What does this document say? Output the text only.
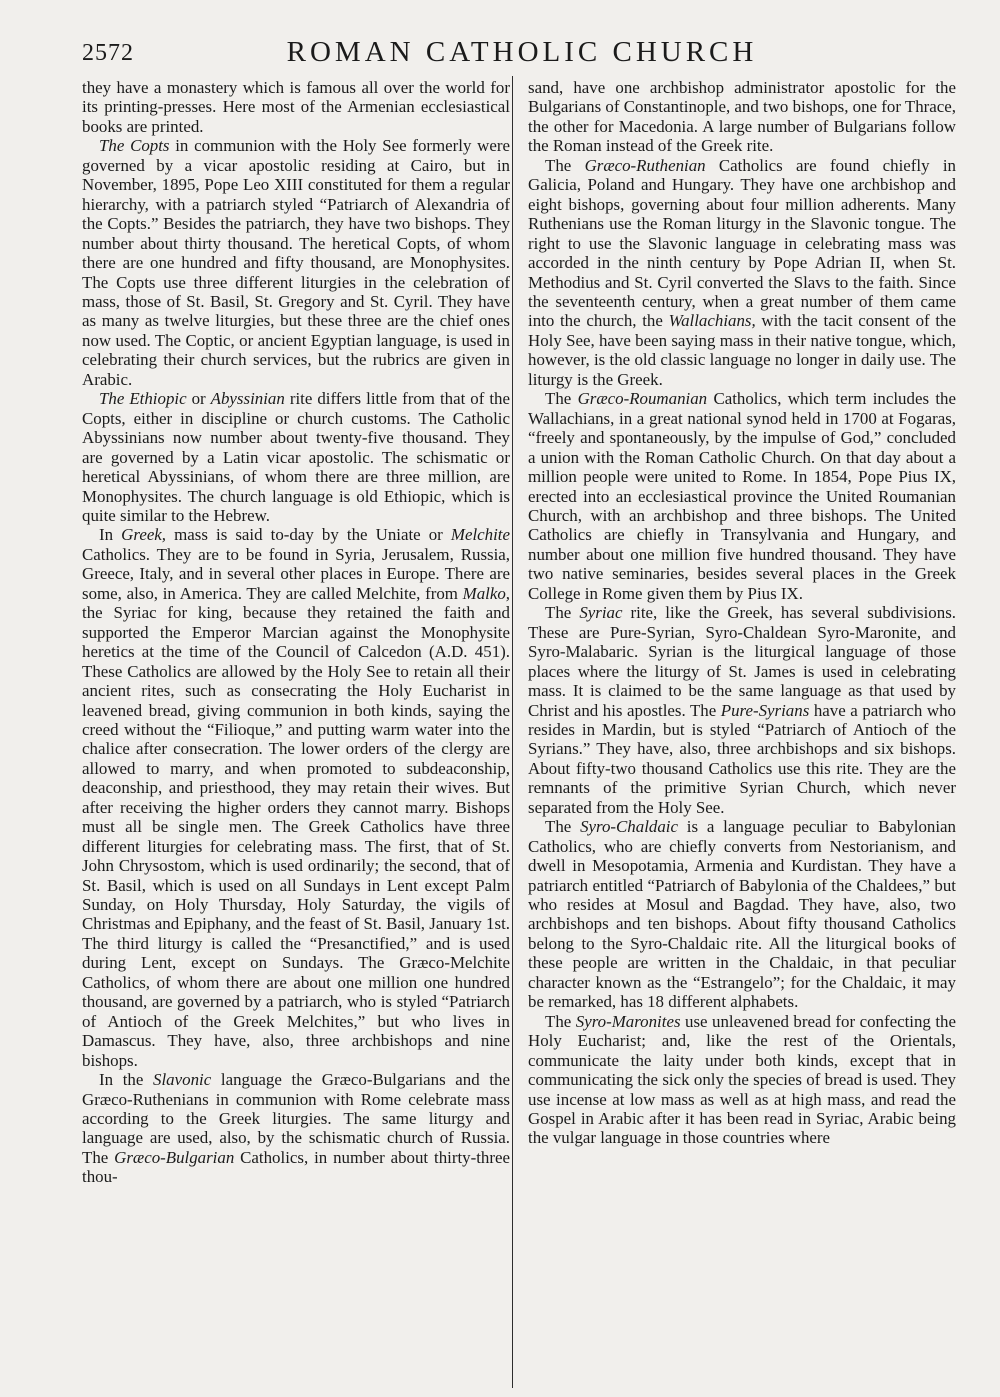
2572	ROMAN CATHOLIC CHURCH

they have a monastery which is famous all over the world for its printing-presses. Here most of the Armenian ecclesiastical books are printed.

The Copts in communion with the Holy See formerly were governed by a vicar apostolic residing at Cairo, but in November, 1895, Pope Leo XIII constituted for them a regular hierarchy, with a patriarch styled “Patriarch of Alexandria of the Copts.” Besides the patriarch, they have two bishops. They number about thirty thousand. The heretical Copts, of whom there are one hundred and fifty thousand, are Monophysites. The Copts use three different liturgies in the celebration of mass, those of St. Basil, St. Gregory and St. Cyril. They have as many as twelve liturgies, but these three are the chief ones now used. The Coptic, or ancient Egyptian language, is used in celebrating their church services, but the rubrics are given in Arabic.

The Ethiopic or Abyssinian rite differs little from that of the Copts, either in discipline or church customs. The Catholic Abyssinians now number about twenty-five thousand. They are governed by a Latin vicar apostolic. The schismatic or heretical Abyssinians, of whom there are three million, are Monophysites. The church language is old Ethiopic, which is quite similar to the Hebrew.

In Greek, mass is said to-day by the Uniate or Melchite Catholics. They are to be found in Syria, Jerusalem, Russia, Greece, Italy, and in several other places in Europe. There are some, also, in America. They are called Melchite, from Malko, the Syriac for king, because they retained the faith and supported the Emperor Marcian against the Monophysite heretics at the time of the Council of Calcedon (A.D. 451). These Catholics are allowed by the Holy See to retain all their ancient rites, such as consecrating the Holy Eucharist in leavened bread, giving communion in both kinds, saying the creed without the “Filioque,” and putting warm water into the chalice after consecration. The lower orders of the clergy are allowed to marry, and when promoted to subdeaconship, deaconship, and priesthood, they may retain their wives. But after receiving the higher orders they cannot marry. Bishops must all be single men. The Greek Catholics have three different liturgies for celebrating mass. The first, that of St. John Chrysostom, which is used ordinarily; the second, that of St. Basil, which is used on all Sundays in Lent except Palm Sunday, on Holy Thursday, Holy Saturday, the vigils of Christmas and Epiphany, and the feast of St. Basil, January 1st. The third liturgy is called the “Presanctified,” and is used during Lent, except on Sundays. The Græco-Melchite Catholics, of whom there are about one million one hundred thousand, are governed by a patriarch, who is styled “Patriarch of Antioch of the Greek Melchites,” but who lives in Damascus. They have, also, three archbishops and nine bishops.

In the Slavonic language the Græco-Bulgarians and the Græco-Ruthenians in communion with Rome celebrate mass according to the Greek liturgies. The same liturgy and language are used, also, by the schismatic church of Russia. The Græco-Bulgarian Catholics, in number about thirty-three thou-

sand, have one archbishop administrator apostolic for the Bulgarians of Constantinople, and two bishops, one for Thrace, the other for Macedonia. A large number of Bulgarians follow the Roman instead of the Greek rite.

The Græco-Ruthenian Catholics are found chiefly in Galicia, Poland and Hungary. They have one archbishop and eight bishops, governing about four million adherents. Many Ruthenians use the Roman liturgy in the Slavonic tongue. The right to use the Slavonic language in celebrating mass was accorded in the ninth century by Pope Adrian II, when St. Methodius and St. Cyril converted the Slavs to the faith. Since the seventeenth century, when a great number of them came into the church, the Wallachians, with the tacit consent of the Holy See, have been saying mass in their native tongue, which, however, is the old classic language no longer in daily use. The liturgy is the Greek.

The Græco-Roumanian Catholics, which term includes the Wallachians, in a great national synod held in 1700 at Fogaras, “freely and spontaneously, by the impulse of God,” concluded a union with the Roman Catholic Church. On that day about a million people were united to Rome. In 1854, Pope Pius IX, erected into an ecclesiastical province the United Roumanian Church, with an archbishop and three bishops. The United Catholics are chiefly in Transylvania and Hungary, and number about one million five hundred thousand. They have two native seminaries, besides several places in the Greek College in Rome given them by Pius IX.

The Syriac rite, like the Greek, has several subdivisions. These are Pure-Syrian, Syro-Chaldean Syro-Maronite, and Syro-Malabaric. Syrian is the liturgical language of those places where the liturgy of St. James is used in celebrating mass. It is claimed to be the same language as that used by Christ and his apostles. The Pure-Syrians have a patriarch who resides in Mardin, but is styled “Patriarch of Antioch of the Syrians.” They have, also, three archbishops and six bishops. About fifty-two thousand Catholics use this rite. They are the remnants of the primitive Syrian Church, which never separated from the Holy See.

The Syro-Chaldaic is a language peculiar to Babylonian Catholics, who are chiefly converts from Nestorianism, and dwell in Mesopotamia, Armenia and Kurdistan. They have a patriarch entitled “Patriarch of Babylonia of the Chaldees,” but who resides at Mosul and Bagdad. They have, also, two archbishops and ten bishops. About fifty thousand Catholics belong to the Syro-Chaldaic rite. All the liturgical books of these people are written in the Chaldaic, in that peculiar character known as the “Estrangelo”; for the Chaldaic, it may be remarked, has 18 different alphabets.

The Syro-Maronites use unleavened bread for confecting the Holy Eucharist; and, like the rest of the Orientals, communicate the laity under both kinds, except that in communicating the sick only the species of bread is used. They use incense at low mass as well as at high mass, and read the Gospel in Arabic after it has been read in Syriac, Arabic being the vulgar language in those countries where
